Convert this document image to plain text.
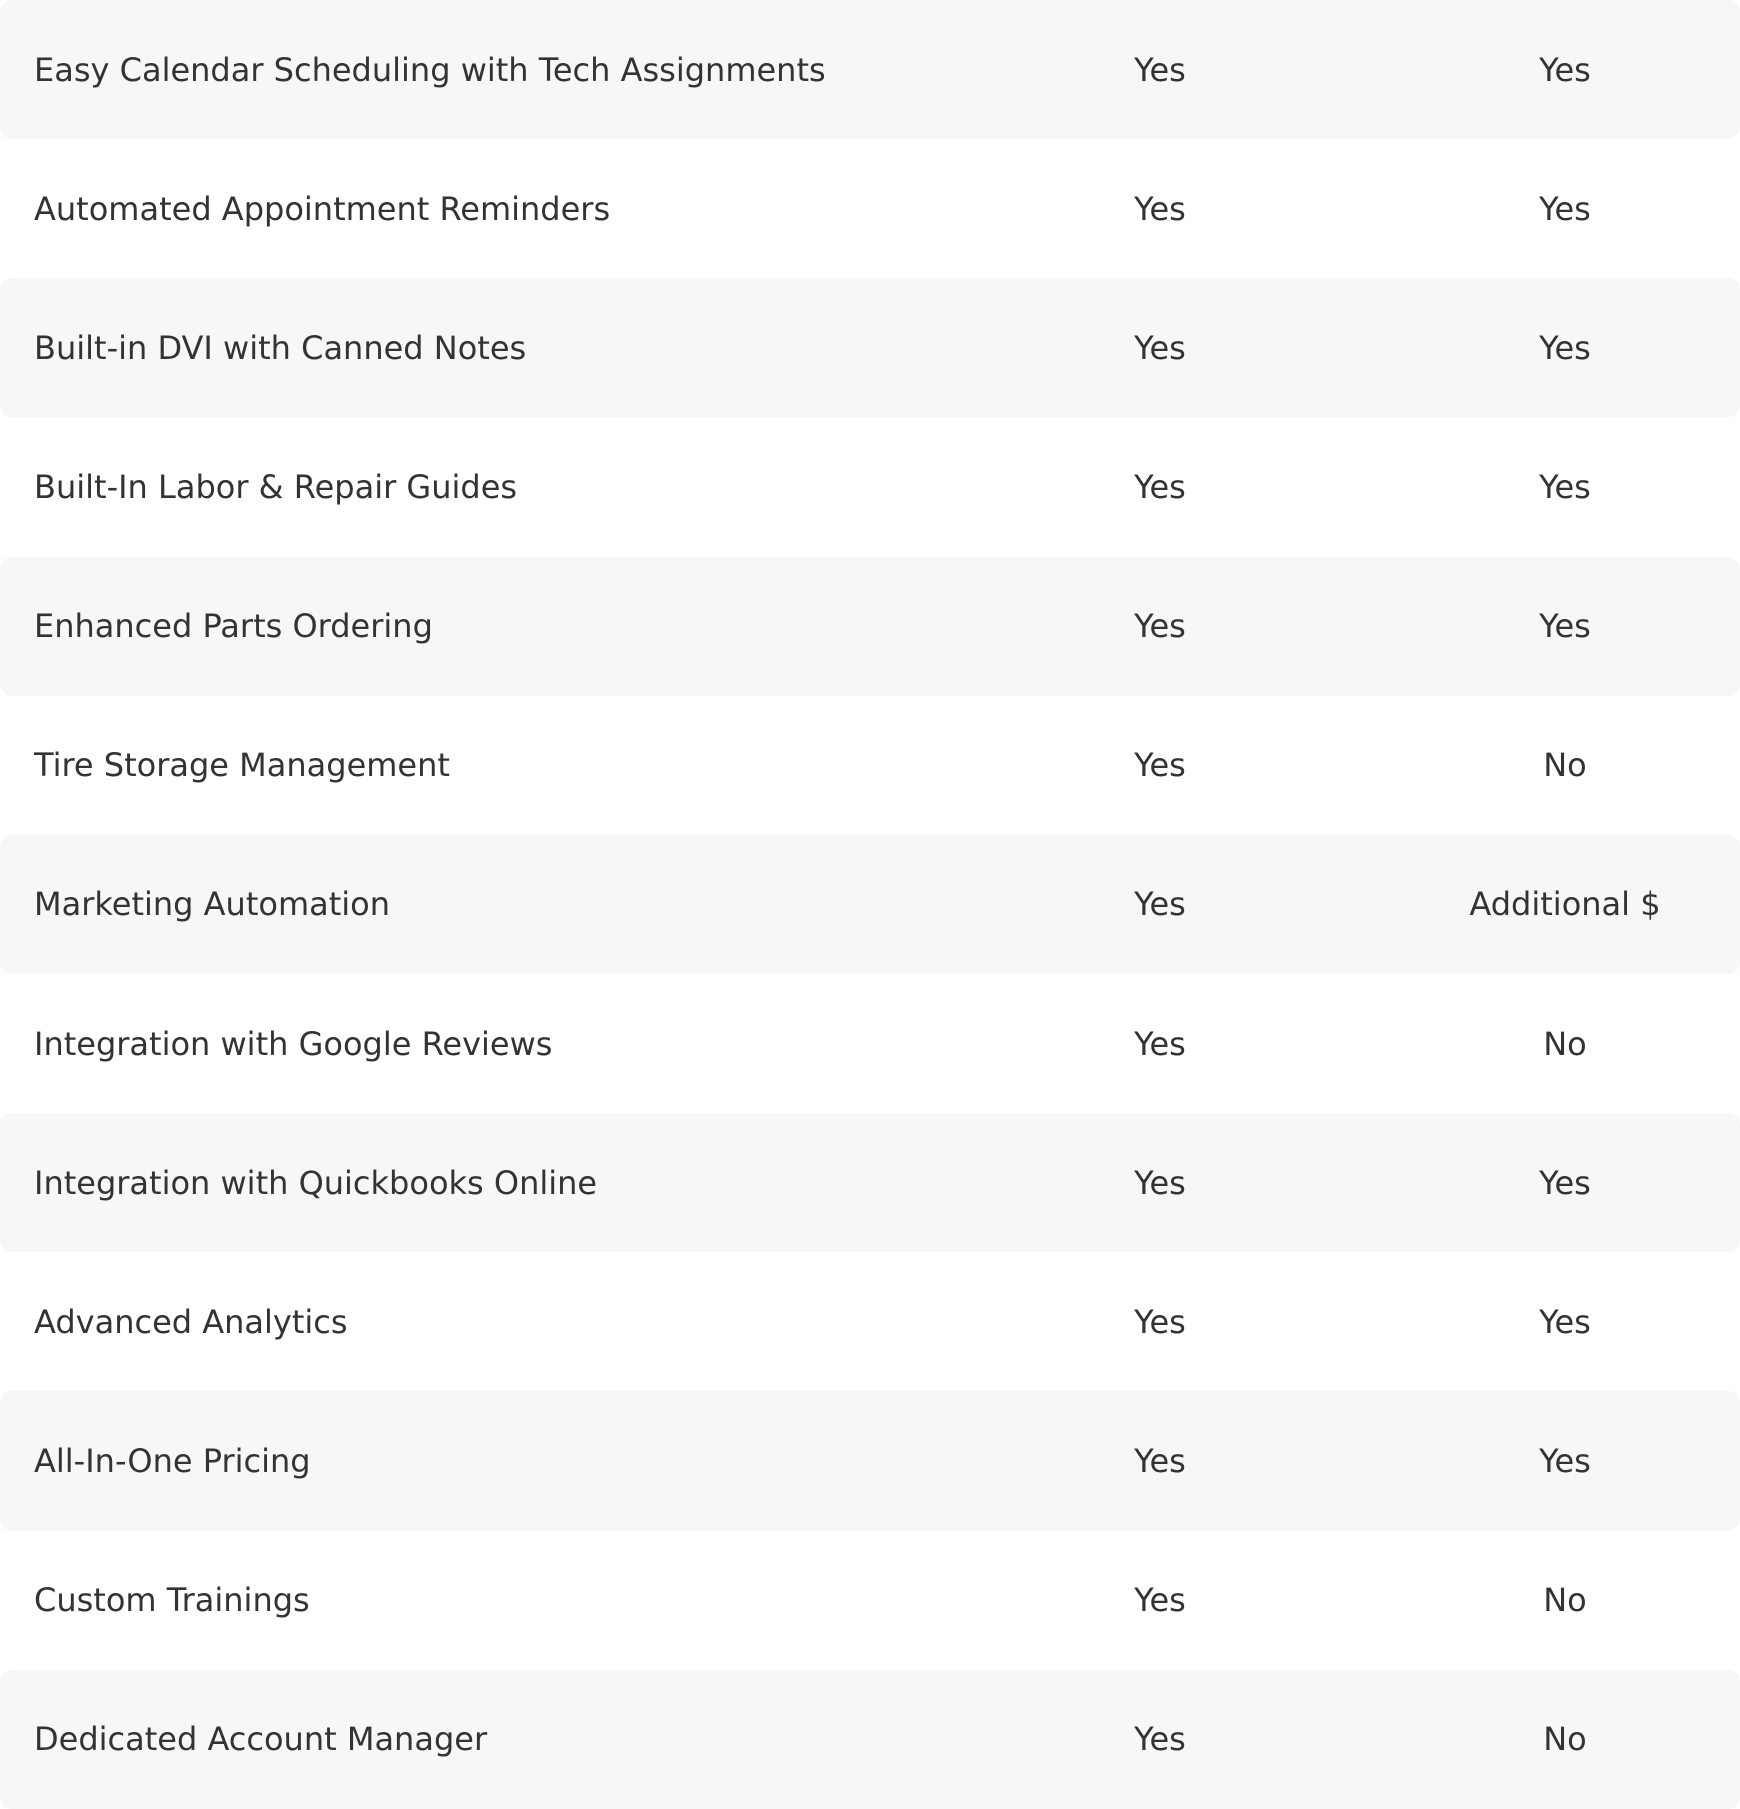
Easy Calendar Scheduling with Tech Assignments	Yes	Yes
Automated Appointment Reminders	Yes	Yes
Built-in DVI with Canned Notes	Yes	Yes
Built-In Labor & Repair Guides	Yes	Yes
Enhanced Parts Ordering	Yes	Yes
Tire Storage Management	Yes	No
Marketing Automation	Yes	Additional $
Integration with Google Reviews	Yes	No
Integration with Quickbooks Online	Yes	Yes
Advanced Analytics	Yes	Yes
All-In-One Pricing	Yes	Yes
Custom Trainings	Yes	No
Dedicated Account Manager	Yes	No
